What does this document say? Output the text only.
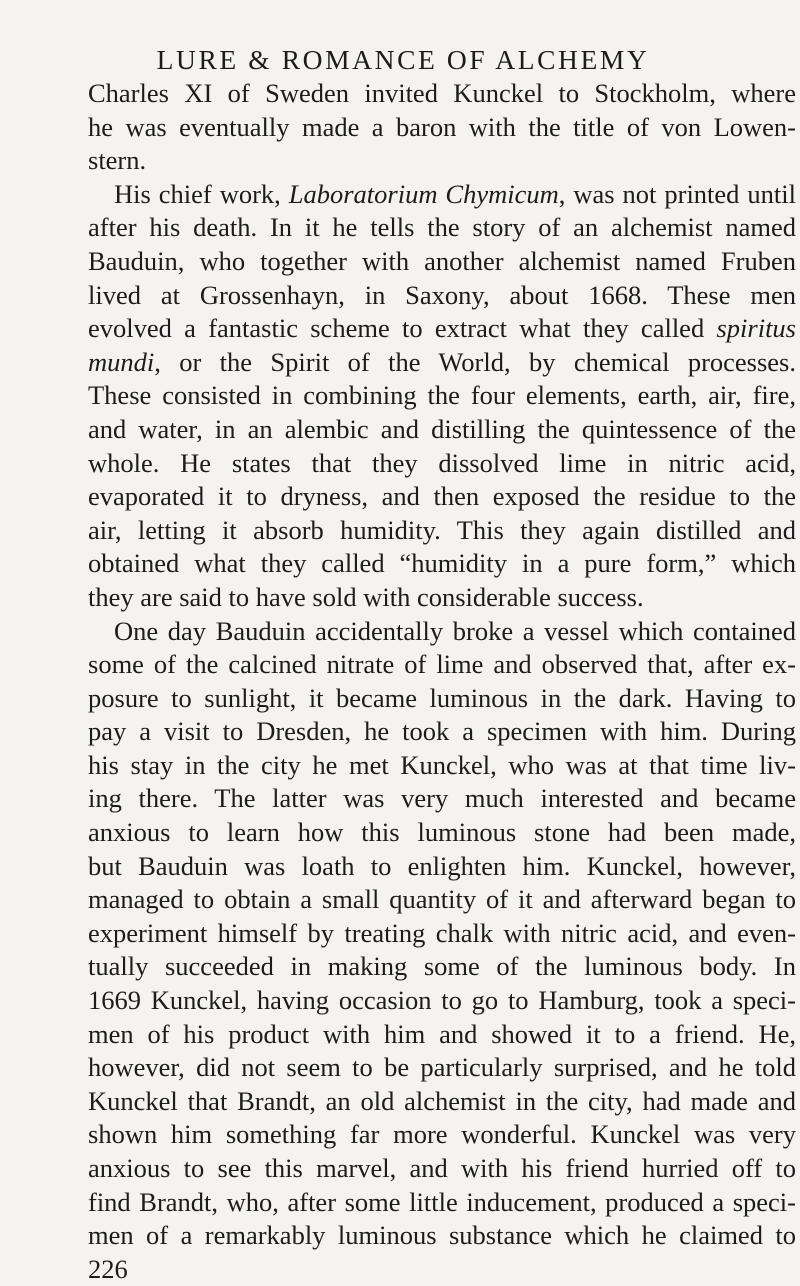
LURE & ROMANCE OF ALCHEMY
Charles XI of Sweden invited Kunckel to Stockholm, where
he was eventually made a baron with the title of von Lowen-
stern.
His chief work, Laboratorium Chymicum, was not printed until
after his death. In it he tells the story of an alchemist named
Bauduin, who together with another alchemist named Fruben
lived at Grossenhayn, in Saxony, about 1668. These men
evolved a fantastic scheme to extract what they called spiritus
mundi, or the Spirit of the World, by chemical processes.
These consisted in combining the four elements, earth, air, fire,
and water, in an alembic and distilling the quintessence of the
whole. He states that they dissolved lime in nitric acid,
evaporated it to dryness, and then exposed the residue to the
air, letting it absorb humidity. This they again distilled and
obtained what they called “humidity in a pure form,” which
they are said to have sold with considerable success.
One day Bauduin accidentally broke a vessel which contained
some of the calcined nitrate of lime and observed that, after ex-
posure to sunlight, it became luminous in the dark. Having to
pay a visit to Dresden, he took a specimen with him. During
his stay in the city he met Kunckel, who was at that time liv-
ing there. The latter was very much interested and became
anxious to learn how this luminous stone had been made,
but Bauduin was loath to enlighten him. Kunckel, however,
managed to obtain a small quantity of it and afterward began to
experiment himself by treating chalk with nitric acid, and even-
tually succeeded in making some of the luminous body. In
1669 Kunckel, having occasion to go to Hamburg, took a speci-
men of his product with him and showed it to a friend. He,
however, did not seem to be particularly surprised, and he told
Kunckel that Brandt, an old alchemist in the city, had made and
shown him something far more wonderful. Kunckel was very
anxious to see this marvel, and with his friend hurried off to
find Brandt, who, after some little inducement, produced a speci-
men of a remarkably luminous substance which he claimed to
226
